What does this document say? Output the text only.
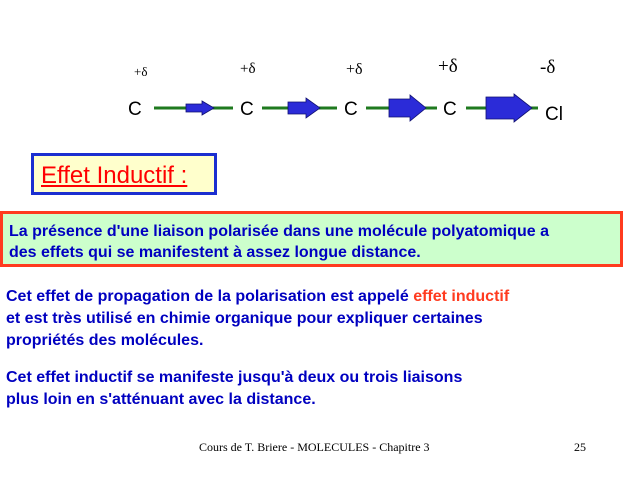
+δ	+δ	+δ	+δ	-δ
C	C	C	C	Cl
Effet Inductif :
La présence d'une liaison polarisée dans une molécule polyatomique a
des effets qui se manifestent à assez longue distance.
Cet effet de propagation de la polarisation est appelé effet inductif
et est très utilisé en chimie organique pour expliquer certaines
propriétés des molécules.
Cet effet inductif se manifeste jusqu'à deux ou trois liaisons
plus loin en s'atténuant avec la distance.
Cours de T. Briere - MOLECULES - Chapitre 3	25
